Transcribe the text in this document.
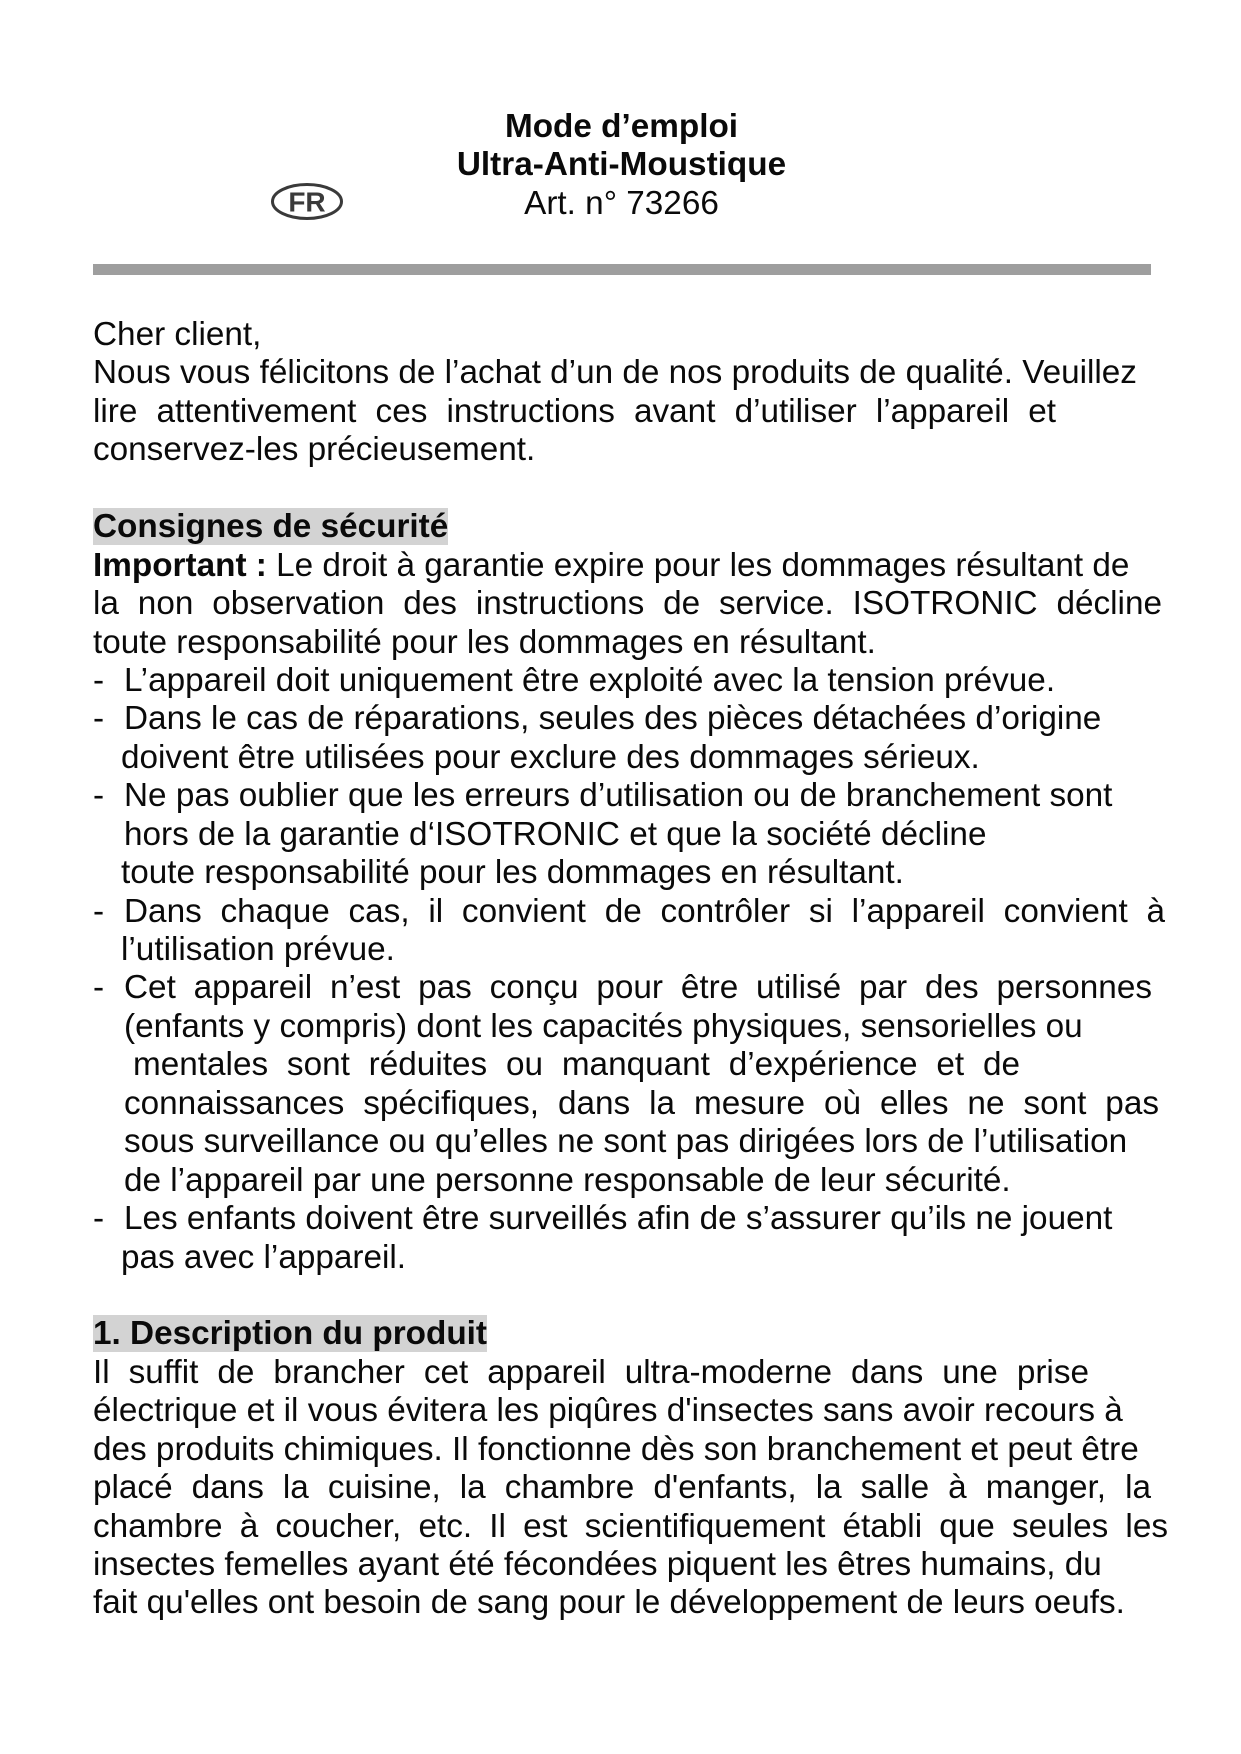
Mode d’emploi
Ultra-Anti-Moustique
Art. n° 73266
FR
Cher client,
Nous vous félicitons de l’achat d’un de nos produits de qualité. Veuillez
lire attentivement ces instructions avant d’utiliser l’appareil et
conservez-les précieusement.
Consignes de sécurité
Important : Le droit à garantie expire pour les dommages résultant de
la non observation des instructions de service. ISOTRONIC décline
toute responsabilité pour les dommages en résultant.
- L’appareil doit uniquement être exploité avec la tension prévue.
- Dans le cas de réparations, seules des pièces détachées d’origine
doivent être utilisées pour exclure des dommages sérieux.
- Ne pas oublier que les erreurs d’utilisation ou de branchement sont
hors de la garantie d‘ISOTRONIC et que la société décline
toute responsabilité pour les dommages en résultant.
- Dans chaque cas, il convient de contrôler si l’appareil convient à
l’utilisation prévue.
- Cet appareil n’est pas conçu pour être utilisé par des personnes
(enfants y compris) dont les capacités physiques, sensorielles ou
mentales sont réduites ou manquant d’expérience et de
connaissances spécifiques, dans la mesure où elles ne sont pas
sous surveillance ou qu’elles ne sont pas dirigées lors de l’utilisation
de l’appareil par une personne responsable de leur sécurité.
- Les enfants doivent être surveillés afin de s’assurer qu’ils ne jouent
pas avec l’appareil.
1. Description du produit
Il suffit de brancher cet appareil ultra-moderne dans une prise
électrique et il vous évitera les piqûres d'insectes sans avoir recours à
des produits chimiques. Il fonctionne dès son branchement et peut être
placé dans la cuisine, la chambre d'enfants, la salle à manger, la
chambre à coucher, etc. Il est scientifiquement établi que seules les
insectes femelles ayant été fécondées piquent les êtres humains, du
fait qu'elles ont besoin de sang pour le développement de leurs oeufs.
